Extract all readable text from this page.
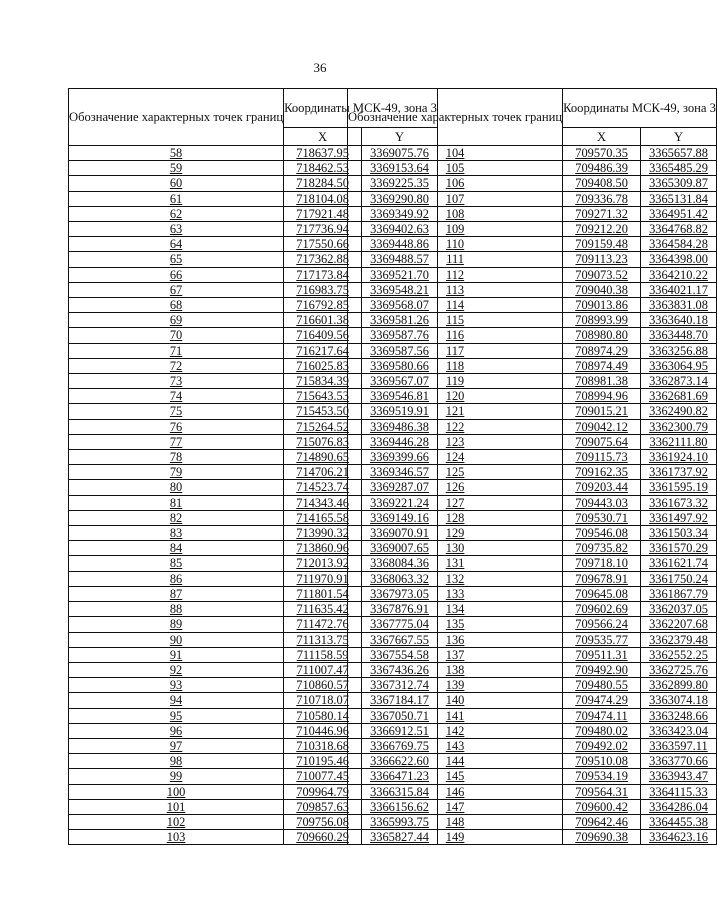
36
Обозначение характерных точек границ	Координаты МСК-49, зона 3	
	X	Y
58	718637.95	3369075.76
59	718462.53	3369153.64
60	718284.50	3369225.35
61	718104.08	3369290.80
62	717921.48	3369349.92
63	717736.94	3369402.63
64	717550.66	3369448.86
65	717362.88	3369488.57
66	717173.84	3369521.70
67	716983.75	3369548.21
68	716792.85	3369568.07
69	716601.38	3369581.26
70	716409.56	3369587.76
71	716217.64	3369587.56
72	716025.83	3369580.66
73	715834.39	3369567.07
74	715643.53	3369546.81
75	715453.50	3369519.91
76	715264.52	3369486.38
77	715076.83	3369446.28
78	714890.65	3369399.66
79	714706.21	3369346.57
80	714523.74	3369287.07
81	714343.46	3369221.24
82	714165.58	3369149.16
83	713990.32	3369070.91
84	713860.96	3369007.65
85	712013.92	3368084.36
86	711970.91	3368063.32
87	711801.54	3367973.05
88	711635.42	3367876.91
89	711472.76	3367775.04
90	711313.75	3367667.55
91	711158.59	3367554.58
92	711007.47	3367436.26
93	710860.57	3367312.74
94	710718.07	3367184.17
95	710580.14	3367050.71
96	710446.96	3366912.51
97	710318.68	3366769.75
98	710195.46	3366622.60
99	710077.45	3366471.23
100	709964.79	3366315.84
101	709857.63	3366156.62
102	709756.08	3365993.75
103	709660.29	3365827.44
Обозначение характерных точек границ	Координаты МСК-49, зона 3	
	X	Y
104	709570.35	3365657.88
105	709486.39	3365485.29
106	709408.50	3365309.87
107	709336.78	3365131.84
108	709271.32	3364951.42
109	709212.20	3364768.82
110	709159.48	3364584.28
111	709113.23	3364398.00
112	709073.52	3364210.22
113	709040.38	3364021.17
114	709013.86	3363831.08
115	708993.99	3363640.18
116	708980.80	3363448.70
117	708974.29	3363256.88
118	708974.49	3363064.95
119	708981.38	3362873.14
120	708994.96	3362681.69
121	709015.21	3362490.82
122	709042.12	3362300.79
123	709075.64	3362111.80
124	709115.73	3361924.10
125	709162.35	3361737.92
126	709203.44	3361595.19
127	709443.03	3361673.32
128	709530.71	3361497.92
129	709546.08	3361503.34
130	709735.82	3361570.29
131	709718.10	3361621.74
132	709678.91	3361750.24
133	709645.08	3361867.79
134	709602.69	3362037.05
135	709566.24	3362207.68
136	709535.77	3362379.48
137	709511.31	3362552.25
138	709492.90	3362725.76
139	709480.55	3362899.80
140	709474.29	3363074.18
141	709474.11	3363248.66
142	709480.02	3363423.04
143	709492.02	3363597.11
144	709510.08	3363770.66
145	709534.19	3363943.47
146	709564.31	3364115.33
147	709600.42	3364286.04
148	709642.46	3364455.38
149	709690.38	3364623.16
